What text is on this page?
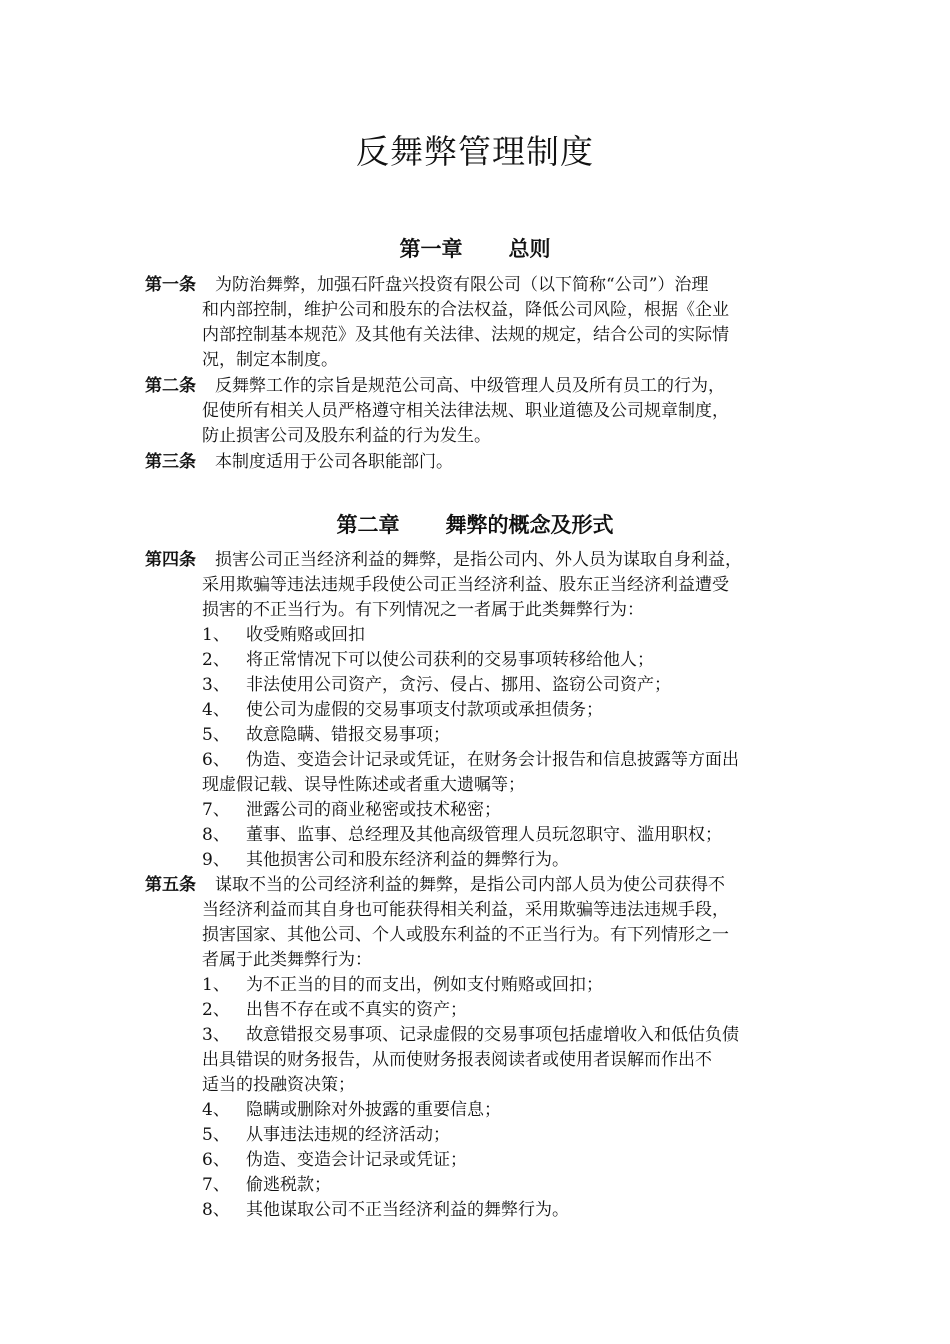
反舞弊管理制度
第一章 总则
第一条 为防治舞弊，加强石阡盘兴投资有限公司（以下简称“公司”）治理
和内部控制，维护公司和股东的合法权益，降低公司风险，根据《企业
内部控制基本规范》及其他有关法律、法规的规定，结合公司的实际情
况，制定本制度。
第二条 反舞弊工作的宗旨是规范公司高、中级管理人员及所有员工的行为，
促使所有相关人员严格遵守相关法律法规、职业道德及公司规章制度，
防止损害公司及股东利益的行为发生。
第三条 本制度适用于公司各职能部门。
第二章 舞弊的概念及形式
第四条 损害公司正当经济利益的舞弊，是指公司内、外人员为谋取自身利益，
采用欺骗等违法违规手段使公司正当经济利益、股东正当经济利益遭受
损害的不正当行为。有下列情况之一者属于此类舞弊行为：
1、 收受贿赂或回扣
2、 将正常情况下可以使公司获利的交易事项转移给他人；
3、 非法使用公司资产，贪污、侵占、挪用、盗窃公司资产；
4、 使公司为虚假的交易事项支付款项或承担债务；
5、 故意隐瞒、错报交易事项；
6、 伪造、变造会计记录或凭证，在财务会计报告和信息披露等方面出
现虚假记载、误导性陈述或者重大遗嘱等；
7、 泄露公司的商业秘密或技术秘密；
8、 董事、监事、总经理及其他高级管理人员玩忽职守、滥用职权；
9、 其他损害公司和股东经济利益的舞弊行为。
第五条 谋取不当的公司经济利益的舞弊，是指公司内部人员为使公司获得不
当经济利益而其自身也可能获得相关利益，采用欺骗等违法违规手段，
损害国家、其他公司、个人或股东利益的不正当行为。有下列情形之一
者属于此类舞弊行为：
1、 为不正当的目的而支出，例如支付贿赂或回扣；
2、 出售不存在或不真实的资产；
3、 故意错报交易事项、记录虚假的交易事项包括虚增收入和低估负债
出具错误的财务报告，从而使财务报表阅读者或使用者误解而作出不
适当的投融资决策；
4、 隐瞒或删除对外披露的重要信息；
5、 从事违法违规的经济活动；
6、 伪造、变造会计记录或凭证；
7、 偷逃税款；
8、 其他谋取公司不正当经济利益的舞弊行为。
